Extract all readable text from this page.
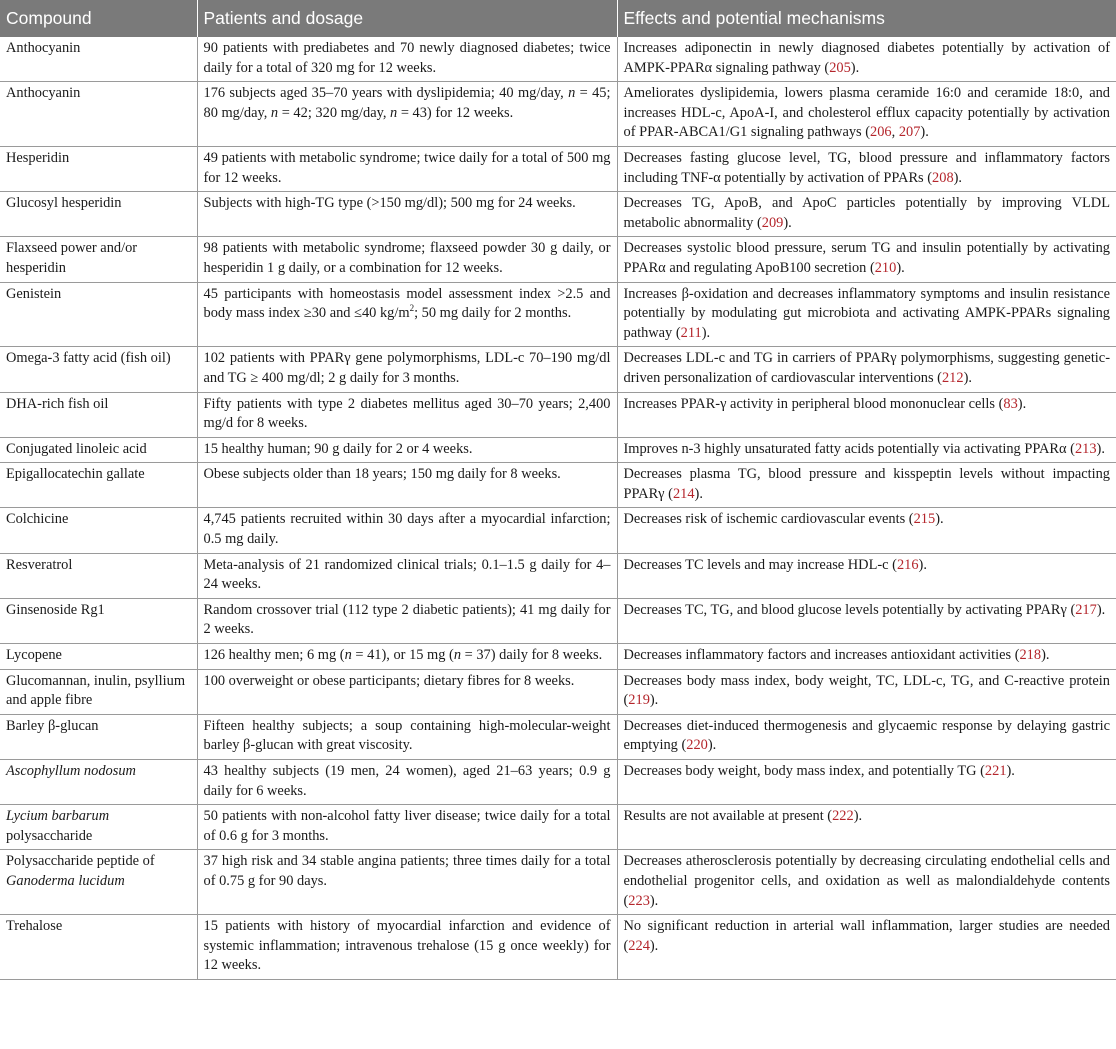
Compound	Patients and dosage	Effects and potential mechanisms
Anthocyanin	90 patients with prediabetes and 70 newly diagnosed diabetes; twice daily for a total of 320 mg for 12 weeks.	Increases adiponectin in newly diagnosed diabetes potentially by activation of AMPK-PPARα signaling pathway (205).
Anthocyanin	176 subjects aged 35–70 years with dyslipidemia; 40 mg/day, n = 45; 80 mg/day, n = 42; 320 mg/day, n = 43) for 12 weeks.	Ameliorates dyslipidemia, lowers plasma ceramide 16:0 and ceramide 18:0, and increases HDL-c, ApoA-I, and cholesterol efflux capacity potentially by activation of PPAR-ABCA1/G1 signaling pathways (206, 207).
Hesperidin	49 patients with metabolic syndrome; twice daily for a total of 500 mg for 12 weeks.	Decreases fasting glucose level, TG, blood pressure and inflammatory factors including TNF-α potentially by activation of PPARs (208).
Glucosyl hesperidin	Subjects with high-TG type (>150 mg/dl); 500 mg for 24 weeks.	Decreases TG, ApoB, and ApoC particles potentially by improving VLDL metabolic abnormality (209).
Flaxseed power and/or hesperidin	98 patients with metabolic syndrome; flaxseed powder 30 g daily, or hesperidin 1 g daily, or a combination for 12 weeks.	Decreases systolic blood pressure, serum TG and insulin potentially by activating PPARα and regulating ApoB100 secretion (210).
Genistein	45 participants with homeostasis model assessment index >2.5 and body mass index ≥30 and ≤40 $kg/m^2$; 50 mg daily for 2 months.	Increases β-oxidation and decreases inflammatory symptoms and insulin resistance potentially by modulating gut microbiota and activating AMPK-PPARs signaling pathway (211).
Omega-3 fatty acid (fish oil)	102 patients with PPARγ gene polymorphisms, LDL-c 70–190 mg/dl and TG ≥ 400 mg/dl; 2 g daily for 3 months.	Decreases LDL-c and TG in carriers of PPARγ polymorphisms, suggesting genetic-driven personalization of cardiovascular interventions (212).
DHA-rich fish oil	Fifty patients with type 2 diabetes mellitus aged 30–70 years; 2,400 mg/d for 8 weeks.	Increases PPAR-γ activity in peripheral blood mononuclear cells (83).
Conjugated linoleic acid	15 healthy human; 90 g daily for 2 or 4 weeks.	Improves n-3 highly unsaturated fatty acids potentially via activating PPARα (213).
Epigallocatechin gallate	Obese subjects older than 18 years; 150 mg daily for 8 weeks.	Decreases plasma TG, blood pressure and kisspeptin levels without impacting PPARγ (214).
Colchicine	4,745 patients recruited within 30 days after a myocardial infarction; 0.5 mg daily.	Decreases risk of ischemic cardiovascular events (215).
Resveratrol	Meta-analysis of 21 randomized clinical trials; 0.1–1.5 g daily for 4–24 weeks.	Decreases TC levels and may increase HDL-c (216).
Ginsenoside Rg1	Random crossover trial (112 type 2 diabetic patients); 41 mg daily for 2 weeks.	Decreases TC, TG, and blood glucose levels potentially by activating PPARγ (217).
Lycopene	126 healthy men; 6 mg (n = 41), or 15 mg (n = 37) daily for 8 weeks.	Decreases inflammatory factors and increases antioxidant activities (218).
Glucomannan, inulin, psyllium and apple fibre	100 overweight or obese participants; dietary fibres for 8 weeks.	Decreases body mass index, body weight, TC, LDL-c, TG, and C-reactive protein (219).
Barley β-glucan	Fifteen healthy subjects; a soup containing high-molecular-weight barley β-glucan with great viscosity.	Decreases diet-induced thermogenesis and glycaemic response by delaying gastric emptying (220).
Ascophyllum nodosum	43 healthy subjects (19 men, 24 women), aged 21–63 years; 0.9 g daily for 6 weeks.	Decreases body weight, body mass index, and potentially TG (221).
Lycium barbarum polysaccharide	50 patients with non-alcohol fatty liver disease; twice daily for a total of 0.6 g for 3 months.	Results are not available at present (222).
Polysaccharide peptide of Ganoderma lucidum	37 high risk and 34 stable angina patients; three times daily for a total of 0.75 g for 90 days.	Decreases atherosclerosis potentially by decreasing circulating endothelial cells and endothelial progenitor cells, and oxidation as well as malondialdehyde contents (223).
Trehalose	15 patients with history of myocardial infarction and evidence of systemic inflammation; intravenous trehalose (15 g once weekly) for 12 weeks.	No significant reduction in arterial wall inflammation, larger studies are needed (224).
